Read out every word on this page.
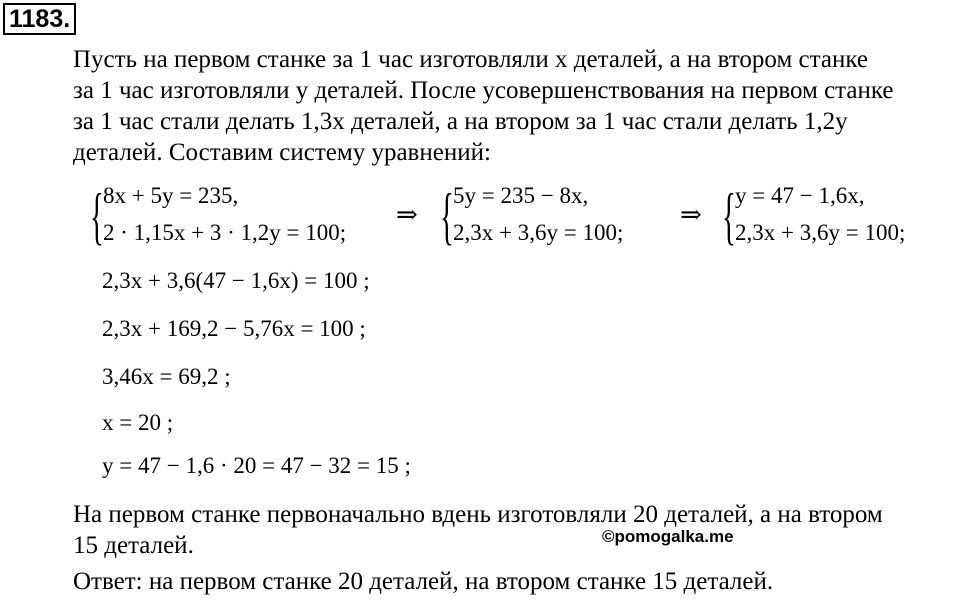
1183.
Пусть на первом станке за 1 час изготовляли x деталей, а на втором станке
за 1 час изготовляли y деталей. После усовершенствования на первом станке
за 1 час стали делать 1,3x деталей, а на втором за 1 час стали делать 1,2y
деталей. Составим систему уравнений:
{ 8x + 5y = 235,
2 · 1,15x + 3 · 1,2y = 100;
⇒ { 5y = 235 − 8x,
2,3x + 3,6y = 100;
⇒ { y = 47 − 1,6x,
2,3x + 3,6y = 100;
2,3x + 3,6(47 − 1,6x) = 100 ;
2,3x + 169,2 − 5,76x = 100 ;
3,46x = 69,2 ;
x = 20 ;
y = 47 − 1,6 · 20 = 47 − 32 = 15 ;
На первом станке первоначально вдень изготовляли 20 деталей, а на втором
15 деталей.	©pomogalka.me
Ответ: на первом станке 20 деталей, на втором станке 15 деталей.
